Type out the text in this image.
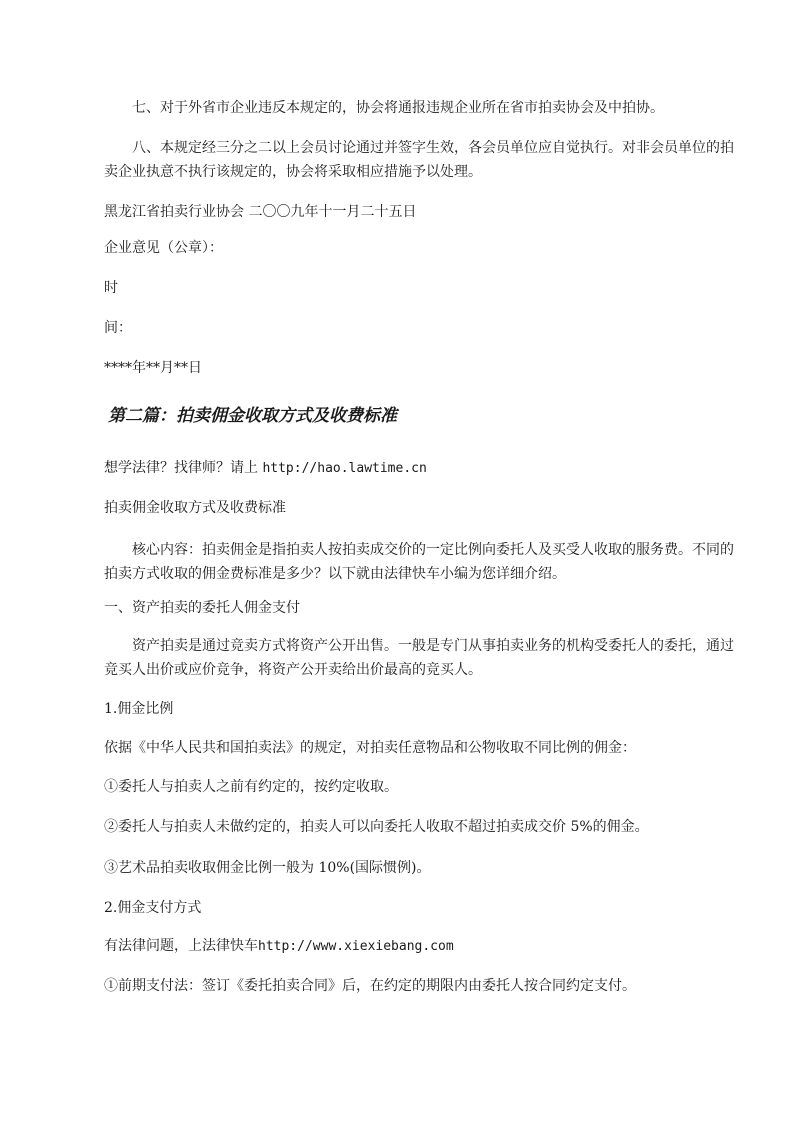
七、对于外省市企业违反本规定的，协会将通报违规企业所在省市拍卖协会及中拍协。

八、本规定经三分之二以上会员讨论通过并签字生效，各会员单位应自觉执行。对非会员单位的拍卖企业执意不执行该规定的，协会将采取相应措施予以处理。

黑龙江省拍卖行业协会 二〇〇九年十一月二十五日

企业意见（公章）：

时

间：

****年**月**日

第二篇：拍卖佣金收取方式及收费标准

想学法律？找律师？请上 http://hao.lawtime.cn

拍卖佣金收取方式及收费标准

核心内容：拍卖佣金是指拍卖人按拍卖成交价的一定比例向委托人及买受人收取的服务费。不同的拍卖方式收取的佣金费标准是多少？以下就由法律快车小编为您详细介绍。

一、资产拍卖的委托人佣金支付

资产拍卖是通过竞卖方式将资产公开出售。一般是专门从事拍卖业务的机构受委托人的委托，通过竞买人出价或应价竞争，将资产公开卖给出价最高的竞买人。

1.佣金比例

依据《中华人民共和国拍卖法》的规定，对拍卖任意物品和公物收取不同比例的佣金：

①委托人与拍卖人之前有约定的，按约定收取。

②委托人与拍卖人未做约定的，拍卖人可以向委托人收取不超过拍卖成交价 5%的佣金。

③艺术品拍卖收取佣金比例一般为 10%(国际惯例)。

2.佣金支付方式

有法律问题，上法律快车http://www.xiexiebang.com

①前期支付法：签订《委托拍卖合同》后，在约定的期限内由委托人按合同约定支付。
